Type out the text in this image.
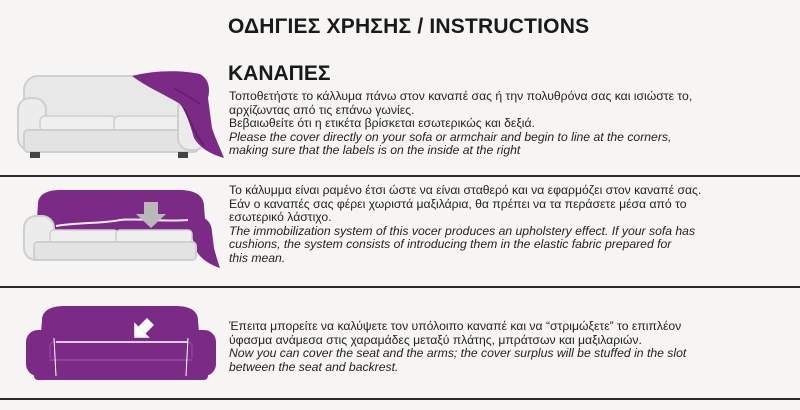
ΟΔΗΓΙΕΣ ΧΡΗΣΗΣ / INSTRUCTIONS
ΚΑΝΑΠΕΣ
Τοποθετήστε το κάλλυμα πάνω στον καναπέ σας ή την πολυθρόνα σας και ισιώστε το,
αρχίζωντας από τις επάνω γωνίες.
Βεβαιωθείτε ότι η ετικέτα βρίσκεται εσωτερικώς και δεξιά.
Please the cover directly on your sofa or armchair and begin to line at the corners,
making sure that the labels is on the inside at the right
Το κάλυμμα είναι ραμένο έτσι ώστε να είναι σταθερό και να εφαρμόζει στον καναπέ σας.
Εάν ο καναπές σας φέρει χωριστά μαξιλάρια, θα πρέπει να τα περάσετε μέσα από το
εσωτερικό λάστιχο.
The immobilization system of this vocer produces an upholstery effect. If your sofa has
cushions, the system consists of introducing them in the elastic fabric prepared for
this mean.
Έπειτα μπορείτε να καλύψετε τον υπόλοιπο καναπέ και να “στριμώξετε” το επιπλέον
ύφασμα ανάμεσα στις χαραμάδες μεταξύ πλάτης, μπράτσων και μαξιλαριών.
Now you can cover the seat and the arms; the cover surplus will be stuffed in the slot
between the seat and backrest.
